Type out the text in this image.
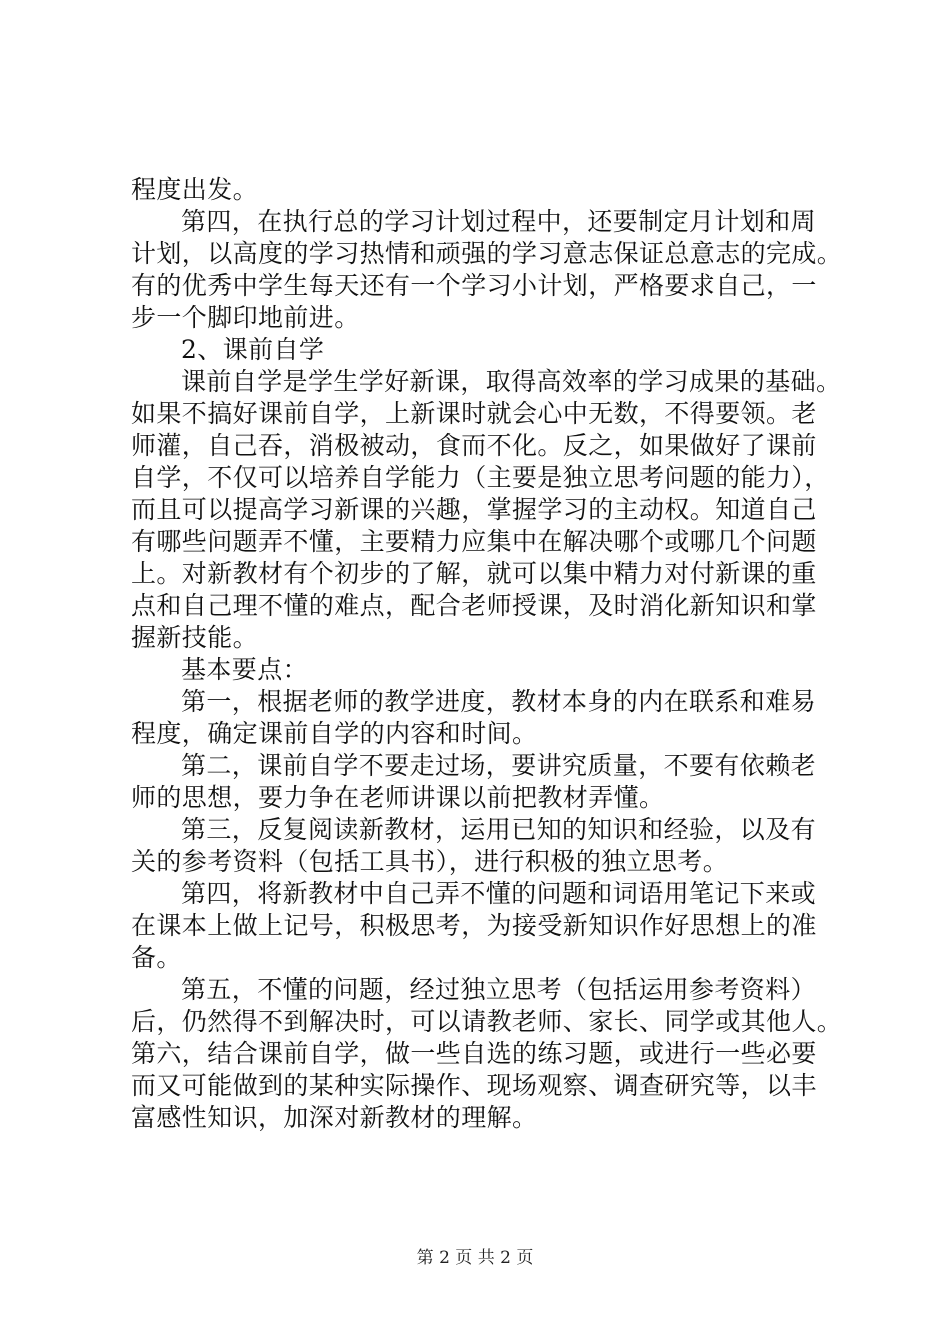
程度出发。
第四，在执行总的学习计划过程中，还要制定月计划和周
计划，以高度的学习热情和顽强的学习意志保证总意志的完成。
有的优秀中学生每天还有一个学习小计划，严格要求自己，一
步一个脚印地前进。
2、课前自学
课前自学是学生学好新课，取得高效率的学习成果的基础。
如果不搞好课前自学，上新课时就会心中无数，不得要领。老
师灌，自己吞，消极被动，食而不化。反之，如果做好了课前
自学，不仅可以培养自学能力（主要是独立思考问题的能力），
而且可以提高学习新课的兴趣，掌握学习的主动权。知道自己
有哪些问题弄不懂，主要精力应集中在解决哪个或哪几个问题
上。对新教材有个初步的了解，就可以集中精力对付新课的重
点和自己理不懂的难点，配合老师授课，及时消化新知识和掌
握新技能。
基本要点：
第一，根据老师的教学进度，教材本身的内在联系和难易
程度，确定课前自学的内容和时间。
第二，课前自学不要走过场，要讲究质量，不要有依赖老
师的思想，要力争在老师讲课以前把教材弄懂。
第三，反复阅读新教材，运用已知的知识和经验，以及有
关的参考资料（包括工具书），进行积极的独立思考。
第四，将新教材中自己弄不懂的问题和词语用笔记下来或
在课本上做上记号，积极思考，为接受新知识作好思想上的准
备。
第五，不懂的问题，经过独立思考（包括运用参考资料）
后，仍然得不到解决时，可以请教老师、家长、同学或其他人。
第六，结合课前自学，做一些自选的练习题，或进行一些必要
而又可能做到的某种实际操作、现场观察、调查研究等，以丰
富感性知识，加深对新教材的理解。
第 2 页 共 2 页
